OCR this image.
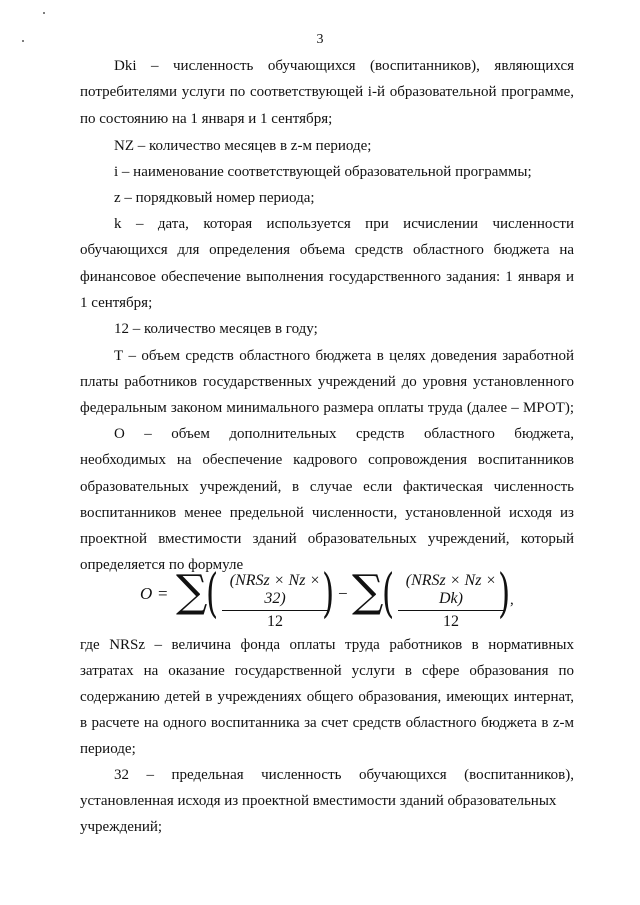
3
Dki – численность обучающихся (воспитанников), являющихся
потребителями услуги по соответствующей i-й образовательной программе,
по состоянию на 1 января и 1 сентября;
NZ – количество месяцев в z-м периоде;
i – наименование соответствующей образовательной программы;
z – порядковый номер периода;
k – дата, которая используется при исчислении численности
обучающихся для определения объема средств областного бюджета на
финансовое обеспечение выполнения государственного задания: 1 января и
1 сентября;
12 – количество месяцев в году;
Т – объем средств областного бюджета в целях доведения заработной
платы работников государственных учреждений до уровня установленного
федеральным законом минимального размера оплаты труда (далее – МРОТ);
О – объем дополнительных средств областного бюджета,
необходимых на обеспечение кадрового сопровождения воспитанников
образовательных учреждений, в случае если фактическая численность
воспитанников менее предельной численности, установленной исходя из
проектной вместимости зданий образовательных учреждений, который
определяется по формуле
где NRSz – величина фонда оплаты труда работников в нормативных
затратах на оказание государственной услуги в сфере образования по
содержанию детей в учреждениях общего образования, имеющих интернат,
в расчете на одного воспитанника за счет средств областного бюджета в z-м
периоде;
32 – предельная численность обучающихся (воспитанников),
установленная исходя из проектной вместимости зданий образовательных
учреждений;
O = ∑
( (NRSz × Nz × 32)
12 ) − ∑
( (NRSz × Nz × Dk)
12 ) ,
